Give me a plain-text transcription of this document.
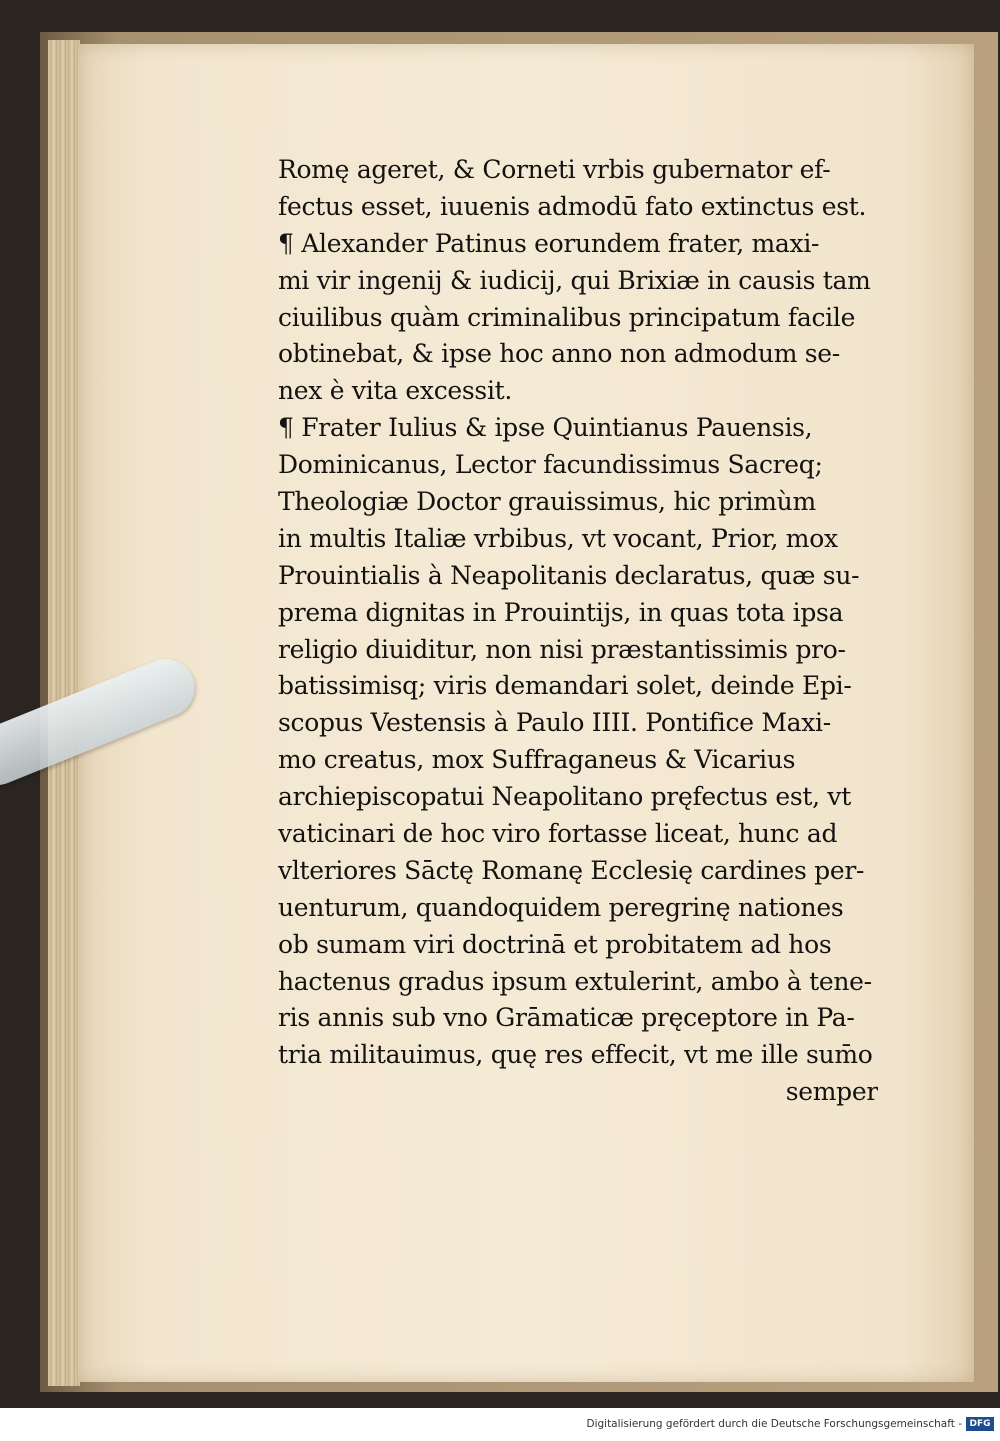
Romę ageret, & Corneti vrbis gubernator ef-
fectus esset, iuuenis admodū fato extinctus est.
¶ Alexander Patinus eorundem frater, maxi-
mi vir ingenij & iudicij, qui Brixiæ in causis tam
ciuilibus quàm criminalibus principatum facile
obtinebat, & ipse hoc anno non admodum se-
nex è vita excessit.
¶ Frater Iulius & ipse Quintianus Pauensis,
Dominicanus, Lector facundissimus Sacreq;
Theologiæ Doctor grauissimus, hic primùm
in multis Italiæ vrbibus, vt vocant, Prior, mox
Prouintialis à Neapolitanis declaratus, quæ su-
prema dignitas in Prouintijs, in quas tota ipsa
religio diuiditur, non nisi præstantissimis pro-
batissimisq; viris demandari solet, deinde Epi-
scopus Vestensis à Paulo IIII. Pontifice Maxi-
mo creatus, mox Suffraganeus & Vicarius
archiepiscopatui Neapolitano pręfectus est, vt
vaticinari de hoc viro fortasse liceat, hunc ad
vlteriores Sāctę Romanę Ecclesię cardines per-
uenturum, quandoquidem peregrinę nationes
ob sumam viri doctrinā et probitatem ad hos
hactenus gradus ipsum extulerint, ambo à tene-
ris annis sub vno Grāmaticæ pręceptore in Pa-
tria militauimus, quę res effecit, vt me ille sum̄o
semper
Digitalisierung gefördert durch die Deutsche Forschungsgemeinschaft - DFG
